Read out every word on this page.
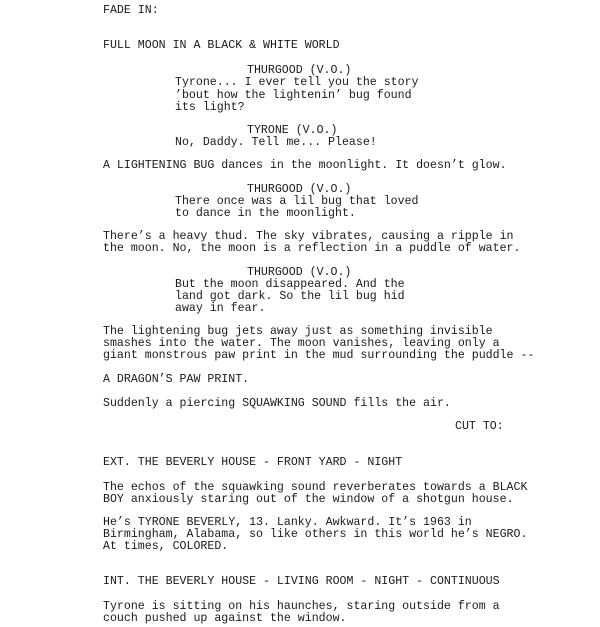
FADE IN:
FULL MOON IN A BLACK & WHITE WORLD
THURGOOD (V.O.)
Tyrone... I ever tell you the story
’bout how the lightenin’ bug found
its light?
TYRONE (V.O.)
No, Daddy. Tell me... Please!
A LIGHTENING BUG dances in the moonlight. It doesn’t glow.
THURGOOD (V.O.)
There once was a lil bug that loved
to dance in the moonlight.
There’s a heavy thud. The sky vibrates, causing a ripple in
the moon. No, the moon is a reflection in a puddle of water.
THURGOOD (V.O.)
But the moon disappeared. And the
land got dark. So the lil bug hid
away in fear.
The lightening bug jets away just as something invisible
smashes into the water. The moon vanishes, leaving only a
giant monstrous paw print in the mud surrounding the puddle --
A DRAGON’S PAW PRINT.
Suddenly a piercing SQUAWKING SOUND fills the air.
CUT TO:
EXT. THE BEVERLY HOUSE - FRONT YARD - NIGHT
The echos of the squawking sound reverberates towards a BLACK
BOY anxiously staring out of the window of a shotgun house.
He’s TYRONE BEVERLY, 13. Lanky. Awkward. It’s 1963 in
Birmingham, Alabama, so like others in this world he’s NEGRO.
At times, COLORED.
INT. THE BEVERLY HOUSE - LIVING ROOM - NIGHT - CONTINUOUS
Tyrone is sitting on his haunches, staring outside from a
couch pushed up against the window.
